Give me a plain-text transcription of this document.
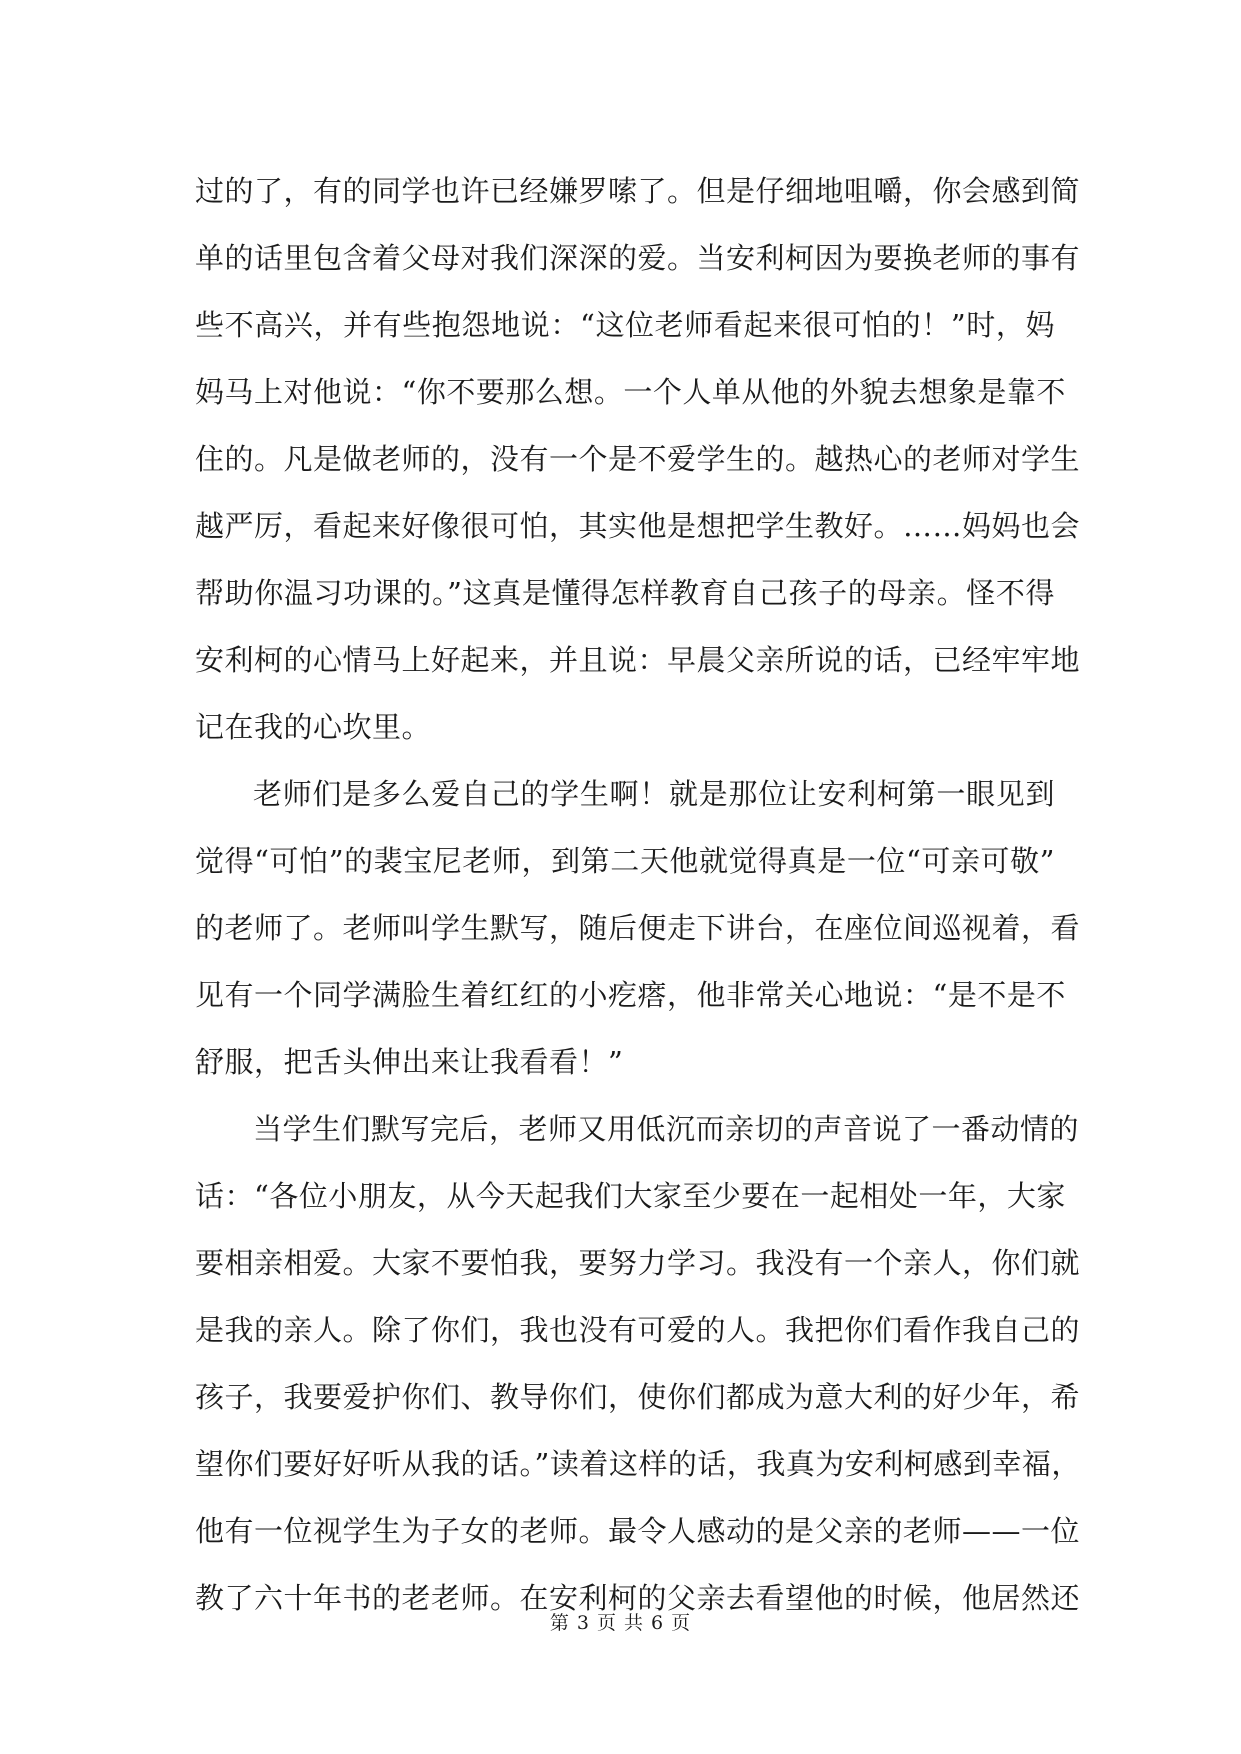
过的了，有的同学也许已经嫌罗嗦了。但是仔细地咀嚼，你会感到简
单的话里包含着父母对我们深深的爱。当安利柯因为要换老师的事有
些不高兴，并有些抱怨地说：“这位老师看起来很可怕的！”时，妈
妈马上对他说：“你不要那么想。一个人单从他的外貌去想象是靠不
住的。凡是做老师的，没有一个是不爱学生的。越热心的老师对学生
越严厉，看起来好像很可怕，其实他是想把学生教好。……妈妈也会
帮助你温习功课的。”这真是懂得怎样教育自己孩子的母亲。怪不得
安利柯的心情马上好起来，并且说：早晨父亲所说的话，已经牢牢地
记在我的心坎里。
老师们是多么爱自己的学生啊！就是那位让安利柯第一眼见到
觉得“可怕”的裴宝尼老师，到第二天他就觉得真是一位“可亲可敬”
的老师了。老师叫学生默写，随后便走下讲台，在座位间巡视着，看
见有一个同学满脸生着红红的小疙瘩，他非常关心地说：“是不是不
舒服，把舌头伸出来让我看看！”
当学生们默写完后，老师又用低沉而亲切的声音说了一番动情的
话：“各位小朋友，从今天起我们大家至少要在一起相处一年，大家
要相亲相爱。大家不要怕我，要努力学习。我没有一个亲人，你们就
是我的亲人。除了你们，我也没有可爱的人。我把你们看作我自己的
孩子，我要爱护你们、教导你们，使你们都成为意大利的好少年，希
望你们要好好听从我的话。”读着这样的话，我真为安利柯感到幸福，
他有一位视学生为子女的老师。最令人感动的是父亲的老师——一位
教了六十年书的老老师。在安利柯的父亲去看望他的时候，他居然还
第 3 页 共 6 页
